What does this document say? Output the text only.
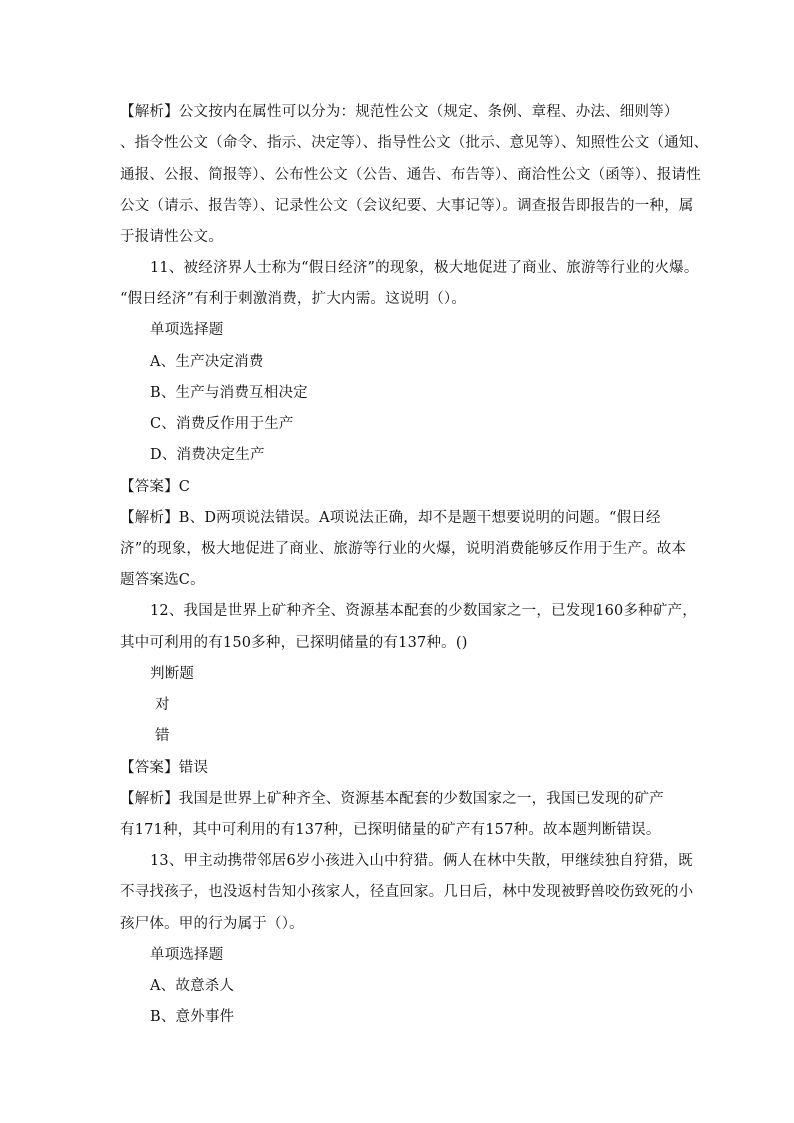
【解析】公文按内在属性可以分为：规范性公文（规定、条例、章程、办法、细则等）
、指令性公文（命令、指示、决定等）、指导性公文（批示、意见等）、知照性公文（通知、
通报、公报、简报等）、公布性公文（公告、通告、布告等）、商洽性公文（函等）、报请性
公文（请示、报告等）、记录性公文（会议纪要、大事记等）。调查报告即报告的一种，属
于报请性公文。
11、被经济界人士称为“假日经济”的现象，极大地促进了商业、旅游等行业的火爆。
“假日经济”有利于刺激消费，扩大内需。这说明（）。
单项选择题
A、生产决定消费
B、生产与消费互相决定
C、消费反作用于生产
D、消费决定生产
【答案】C
【解析】B、D两项说法错误。A项说法正确，却不是题干想要说明的问题。“假日经
济”的现象，极大地促进了商业、旅游等行业的火爆，说明消费能够反作用于生产。故本
题答案选C。
12、我国是世界上矿种齐全、资源基本配套的少数国家之一，已发现160多种矿产，
其中可利用的有150多种，已探明储量的有137种。()
判断题
对
错
【答案】错误
【解析】我国是世界上矿种齐全、资源基本配套的少数国家之一，我国已发现的矿产
有171种，其中可利用的有137种，已探明储量的矿产有157种。故本题判断错误。
13、甲主动携带邻居6岁小孩进入山中狩猎。俩人在林中失散，甲继续独自狩猎，既
不寻找孩子，也没返村告知小孩家人，径直回家。几日后，林中发现被野兽咬伤致死的小
孩尸体。甲的行为属于（）。
单项选择题
A、故意杀人
B、意外事件
